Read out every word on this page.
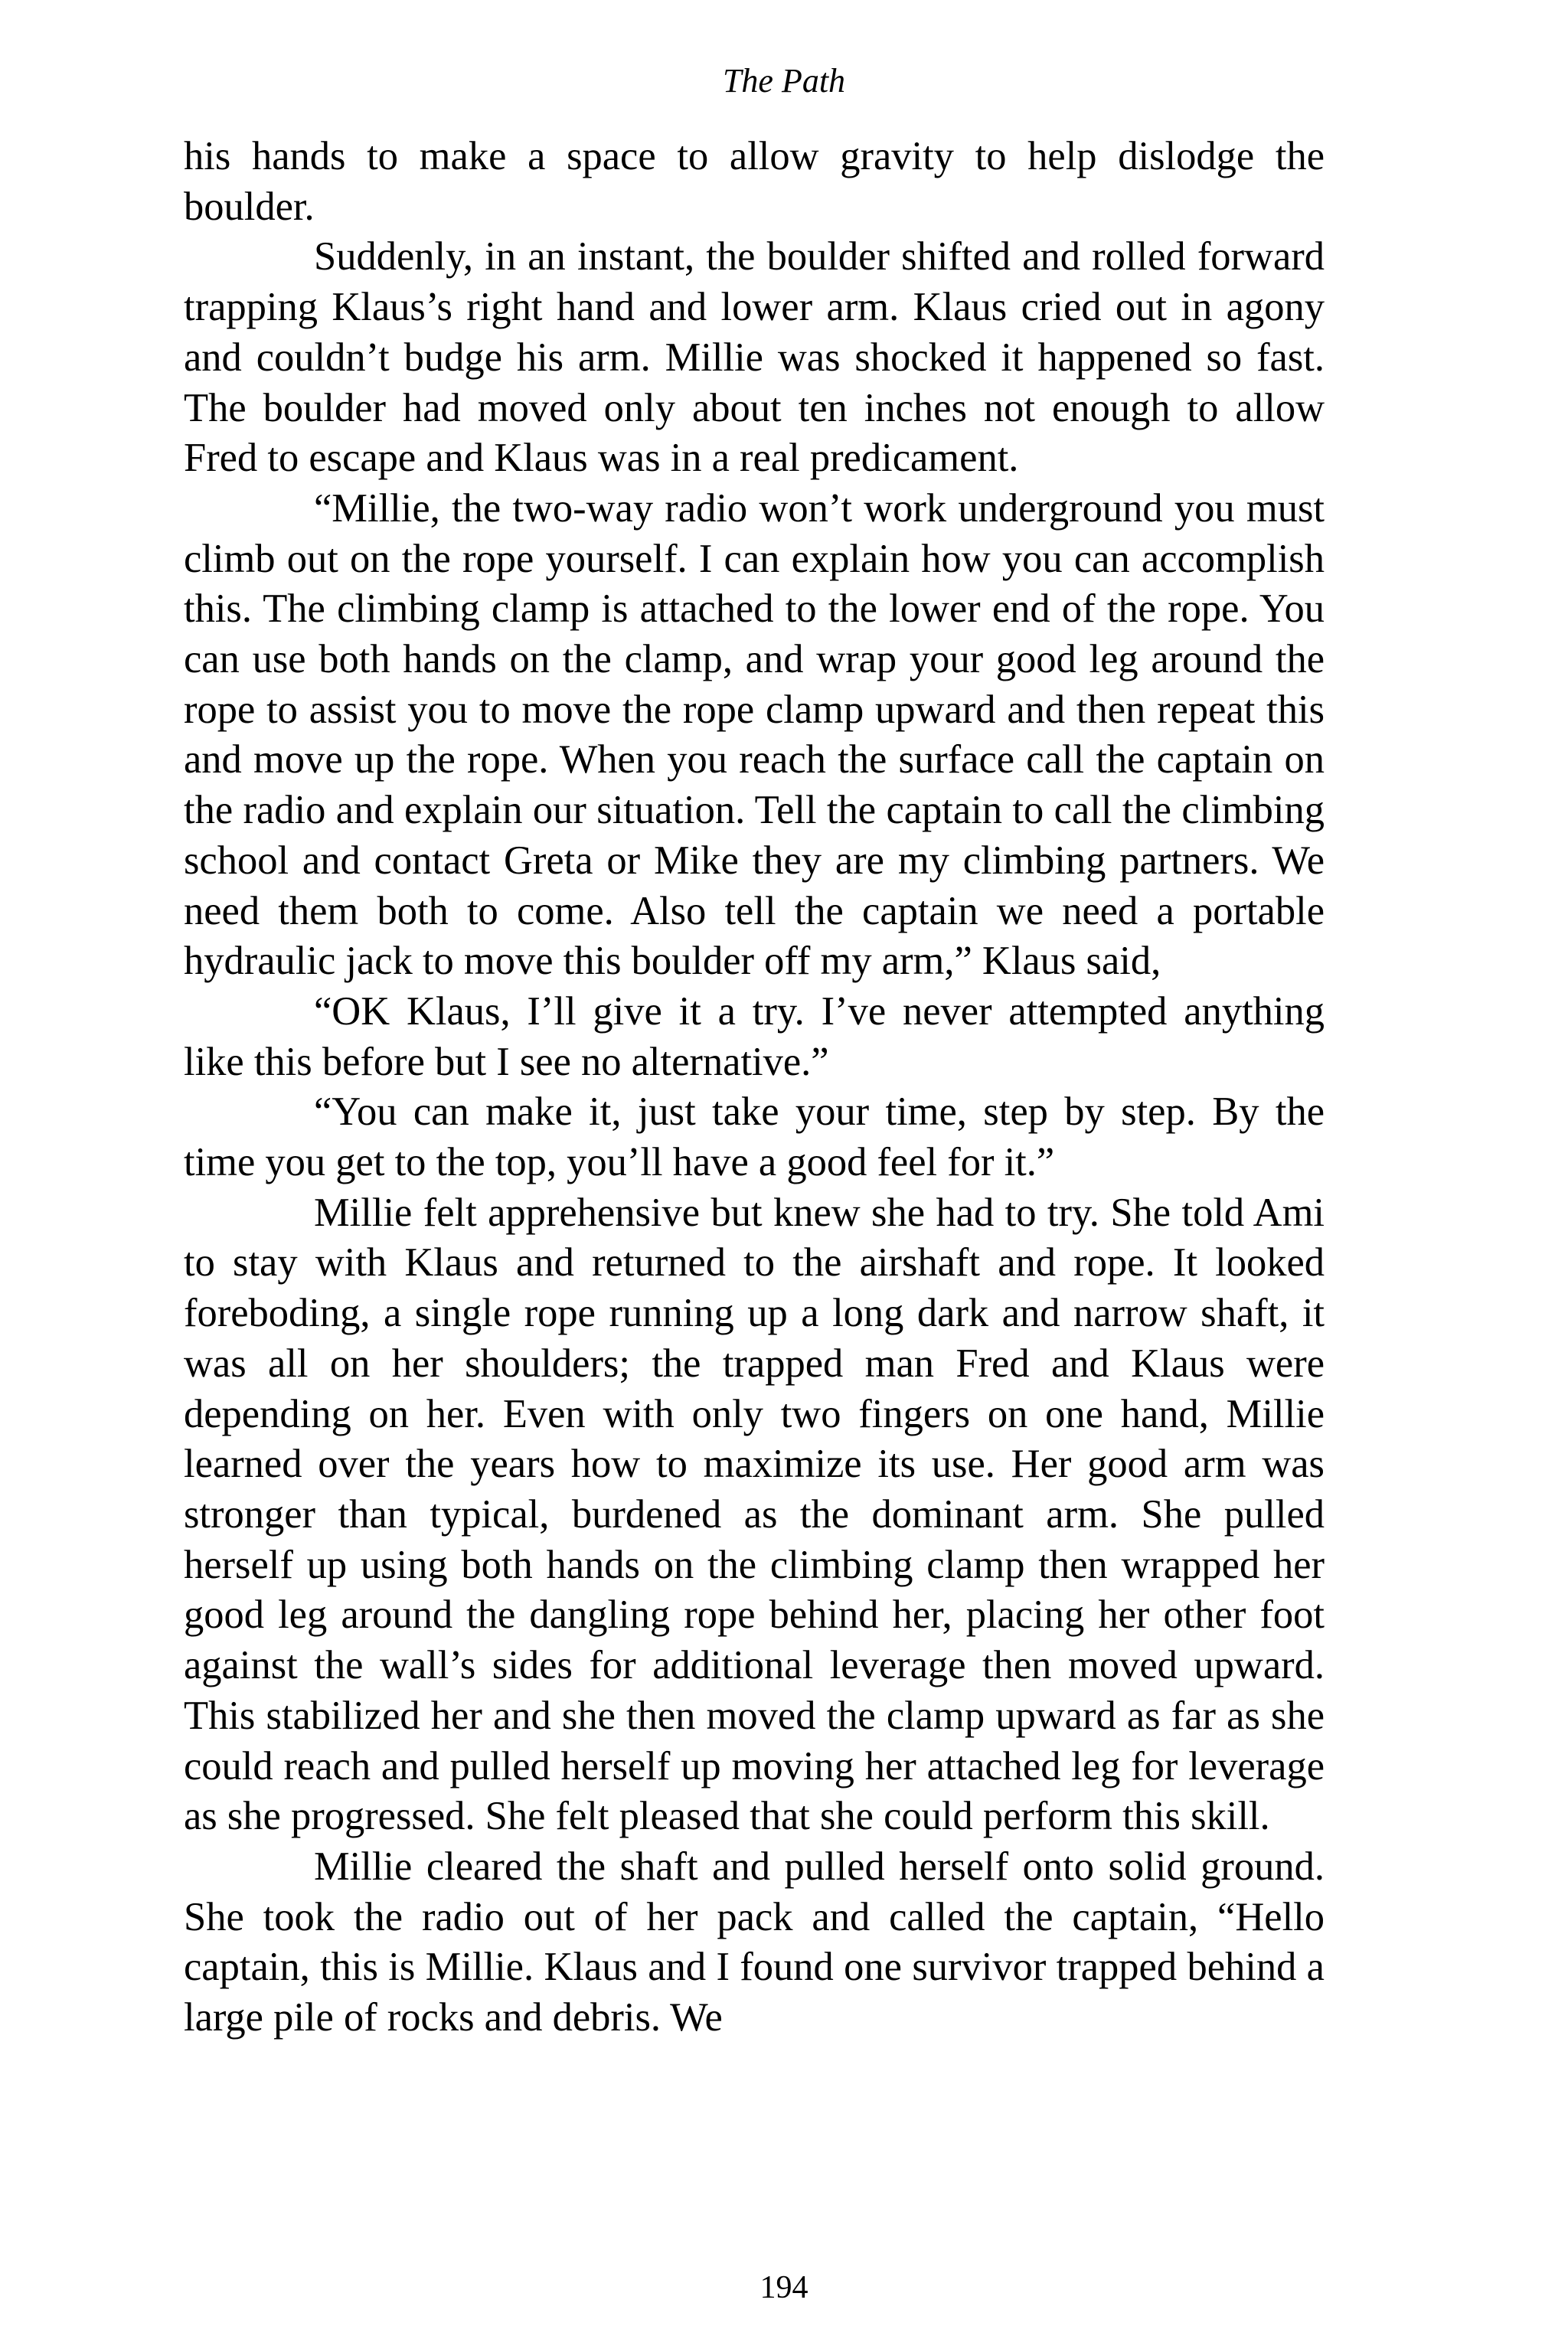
The Path

his hands to make a space to allow gravity to help dislodge the boulder.

Suddenly, in an instant, the boulder shifted and rolled forward trapping Klaus’s right hand and lower arm. Klaus cried out in agony and couldn’t budge his arm. Millie was shocked it happened so fast. The boulder had moved only about ten inches not enough to allow Fred to escape and Klaus was in a real predicament.

“Millie, the two-way radio won’t work underground you must climb out on the rope yourself. I can explain how you can accomplish this. The climbing clamp is attached to the lower end of the rope. You can use both hands on the clamp, and wrap your good leg around the rope to assist you to move the rope clamp upward and then repeat this and move up the rope. When you reach the surface call the captain on the radio and explain our situation. Tell the captain to call the climbing school and contact Greta or Mike they are my climbing partners. We need them both to come. Also tell the captain we need a portable hydraulic jack to move this boulder off my arm,” Klaus said,

“OK Klaus, I’ll give it a try. I’ve never attempted anything like this before but I see no alternative.”

“You can make it, just take your time, step by step. By the time you get to the top, you’ll have a good feel for it.”

Millie felt apprehensive but knew she had to try. She told Ami to stay with Klaus and returned to the airshaft and rope. It looked foreboding, a single rope running up a long dark and narrow shaft, it was all on her shoulders; the trapped man Fred and Klaus were depending on her. Even with only two fingers on one hand, Millie learned over the years how to maximize its use. Her good arm was stronger than typical, burdened as the dominant arm. She pulled herself up using both hands on the climbing clamp then wrapped her good leg around the dangling rope behind her, placing her other foot against the wall’s sides for additional leverage then moved upward. This stabilized her and she then moved the clamp upward as far as she could reach and pulled herself up moving her attached leg for leverage as she progressed. She felt pleased that she could perform this skill.

Millie cleared the shaft and pulled herself onto solid ground. She took the radio out of her pack and called the captain, “Hello captain, this is Millie. Klaus and I found one survivor trapped behind a large pile of rocks and debris. We

194
